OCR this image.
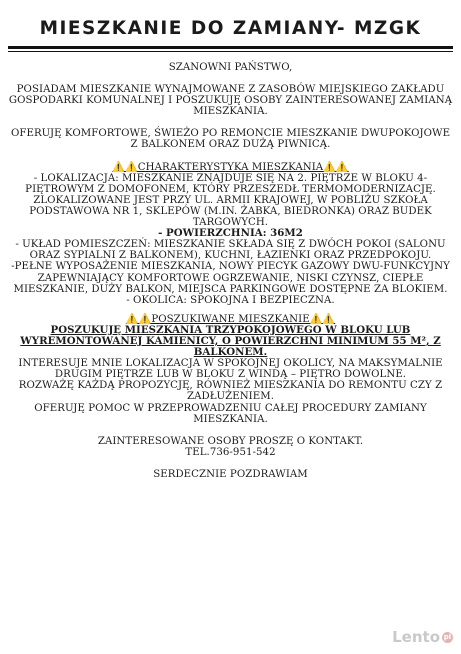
MIESZKANIE DO ZAMIANY- MZGK

SZANOWNI PAŃSTWO,

POSIADAM MIESZKANIE WYNAJMOWANE Z ZASOBÓW MIEJSKIEGO ZAKŁADU GOSPODARKI KOMUNALNEJ I POSZUKUJĘ OSOBY ZAINTERESOWANEJ ZAMIANĄ MIESZKANIA.

OFERUJĘ KOMFORTOWE, ŚWIEŻO PO REMONCIE MIESZKANIE DWUPOKOJOWE Z BALKONEM ORAZ DUŻĄ PIWNICĄ.

⚠️⚠️CHARAKTERYSTYKA MIESZKANIA⚠️⚠️

- LOKALIZACJA: MIESZKANIE ZNAJDUJE SIĘ NA 2. PIĘTRZE W BLOKU 4-PIĘTROWYM Z DOMOFONEM, KTÓRY PRZESZEDŁ TERMOMODERNIZACJĘ. ZLOKALIZOWANE JEST PRZY UL. ARMII KRAJOWEJ, W POBLIŻU SZKOŁA PODSTAWOWA NR 1, SKLEPÓW (M.IN. ŻABKA, BIEDRONKA) ORAZ BUDEK TARGOWYCH.

- POWIERZCHNIA: 36M2

- UKŁAD POMIESZCZEŃ: MIESZKANIE SKŁADA SIĘ Z DWÓCH POKOI (SALONU ORAZ SYPIALNI Z BALKONEM), KUCHNI, ŁAZIENKI ORAZ PRZEDPOKOJU.

-PEŁNE WYPOSAŻENIE MIESZKANIA, NOWY PIECYK GAZOWY DWU-FUNKCYJNY ZAPEWNIAJĄCY KOMFORTOWE OGRZEWANIE, NISKI CZYNSZ, CIEPŁE MIESZKANIE, DUŻY BALKON, MIEJSCA PARKINGOWE DOSTĘPNE ZA BLOKIEM.

- OKOLICA: SPOKOJNA I BEZPIECZNA.

⚠️⚠️POSZUKIWANE MIESZKANIE⚠️⚠️

POSZUKUJĘ MIESZKANIA TRZYPOKOJOWEGO W BLOKU LUB WYREMONTOWANEJ KAMIENICY, O POWIERZCHNI MINIMUM 55 M², Z BALKONEM.

INTERESUJE MNIE LOKALIZACJA W SPOKOJNEJ OKOLICY, NA MAKSYMALNIE DRUGIM PIĘTRZE LUB W BLOKU Z WINDĄ – PIĘTRO DOWOLNE.

ROZWAŻĘ KAŻDĄ PROPOZYCJĘ, RÓWNIEŻ MIESZKANIA DO REMONTU CZY Z ZADŁUŻENIEM.

OFERUJĘ POMOC W PRZEPROWADZENIU CAŁEJ PROCEDURY ZAMIANY MIESZKANIA.

ZAINTERESOWANE OSOBY PROSZĘ O KONTAKT.

TEL.736-951-542

SERDECZNIE POZDRAWIAM

Lento pl
